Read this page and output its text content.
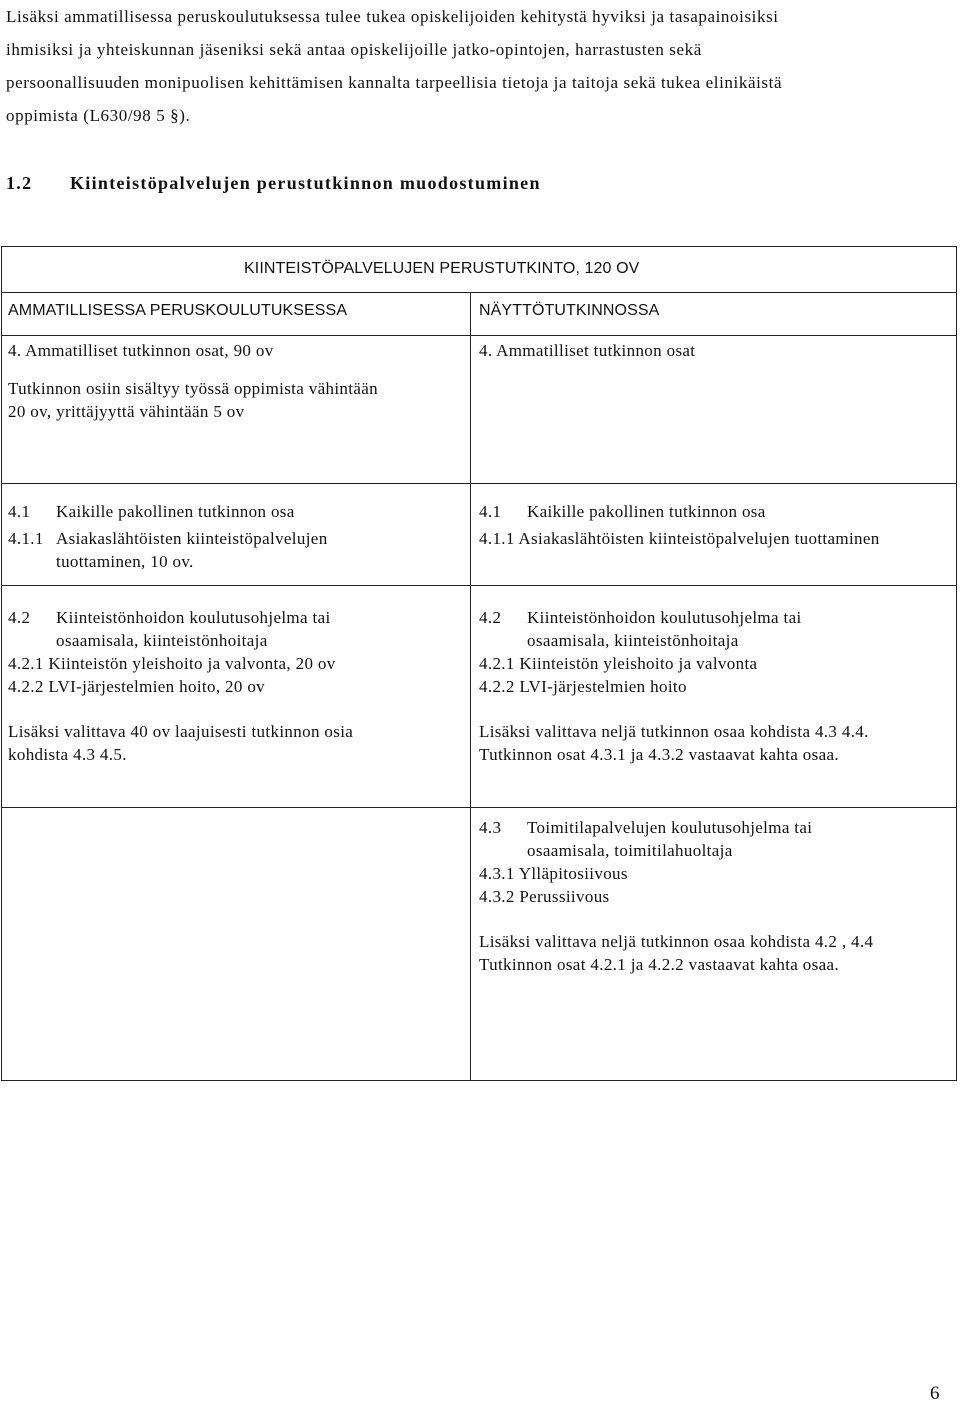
Lisäksi ammatillisessa peruskoulutuksessa tulee tukea opiskelijoiden kehitystä hyviksi ja tasapainoisiksi
ihmisiksi ja yhteiskunnan jäseniksi sekä antaa opiskelijoille jatko-opintojen, harrastusten sekä
persoonallisuuden monipuolisen kehittämisen kannalta tarpeellisia tietoja ja taitoja sekä tukea elinikäistä
oppimista (L630/98 5 §).
1.2 Kiinteistöpalvelujen perustutkinnon muodostuminen

KIINTEISTÖPALVELUJEN PERUSTUTKINTO, 120 OV

AMMATILLISESSA PERUSKOULUTUKSESSA	NÄYTTÖTUTKINNOSSA

4. Ammatilliset tutkinnon osat, 90 ov	4. Ammatilliset tutkinnon osat

Tutkinnon osiin sisältyy työssä oppimista vähintään
20 ov, yrittäjyyttä vähintään 5 ov
4.1 Kaikille pakollinen tutkinnon osa
4.1.1 Asiakaslähtöisten kiinteistöpalvelujen
tuottaminen, 10 ov.
4.1 Kaikille pakollinen tutkinnon osa
4.1.1 Asiakaslähtöisten kiinteistöpalvelujen tuottaminen
4.2 Kiinteistönhoidon koulutusohjelma tai
osaamisala, kiinteistönhoitaja
4.2.1 Kiinteistön yleishoito ja valvonta, 20 ov
4.2.2 LVI-järjestelmien hoito, 20 ov
Lisäksi valittava 40 ov laajuisesti tutkinnon osia
kohdista 4.3 4.5.
4.2 Kiinteistönhoidon koulutusohjelma tai
osaamisala, kiinteistönhoitaja
4.2.1 Kiinteistön yleishoito ja valvonta
4.2.2 LVI-järjestelmien hoito
Lisäksi valittava neljä tutkinnon osaa kohdista 4.3 4.4.
Tutkinnon osat 4.3.1 ja 4.3.2 vastaavat kahta osaa.
4.3 Toimitilapalvelujen koulutusohjelma tai
osaamisala, toimitilahuoltaja
4.3.1 Ylläpitosiivous
4.3.2 Perussiivous
Lisäksi valittava neljä tutkinnon osaa kohdista 4.2 , 4.4
Tutkinnon osat 4.2.1 ja 4.2.2 vastaavat kahta osaa.
6
